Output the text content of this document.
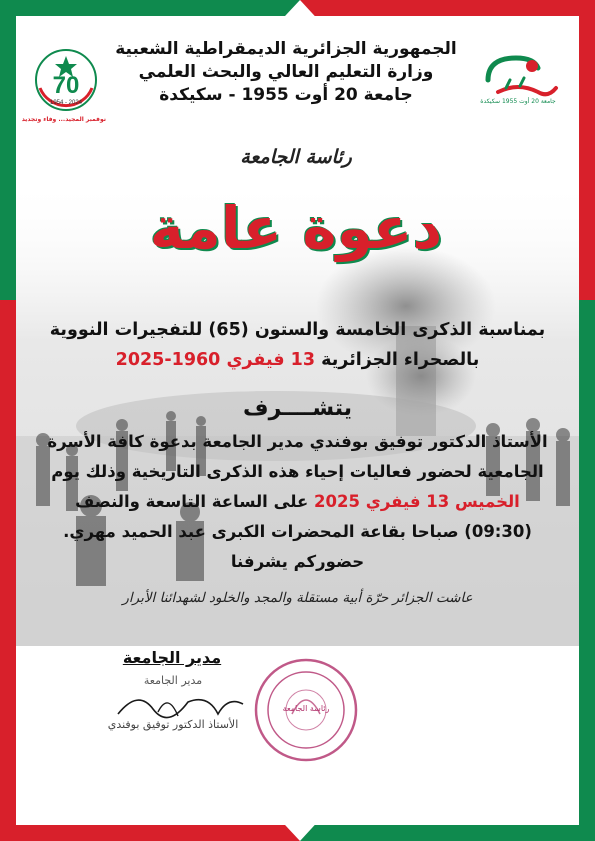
70
1954 - 2024
نوفمبر المجيد... وفاء وتجديد
جامعة 20 أوت 1955 سكيكدة
الجمهورية الجزائرية الديمقراطية الشعبية
وزارة التعليم العالي والبحث العلمي
جامعة 20 أوت 1955 - سكيكدة
رئاسة الجامعة
دعوة عامة
بمناسبة الذكرى الخامسة والستون (65) للتفجيرات النووية
بالصحراء الجزائرية 13 فيفري 1960-2025
يتشــــرف
الأستاذ الدكتور توفيق بوفندي مدير الجامعة بدعوة كافة الأسرة
الجامعية لحضور فعاليات إحياء هذه الذكرى التاريخية وذلك يوم
الخميس 13 فيفري 2025 على الساعة التاسعة والنصف
(09:30) صباحا بقاعة المحضرات الكبرى عبد الحميد مهري.
حضوركم يشرفنا
عاشت الجزائر حرّة أبية مستقلة والمجد والخلود لشهدائنا الأبرار
مدير الجامعة
مدير الجامعة
الأستاذ الدكتور توفيق بوفندي
رئاسة الجامعة
